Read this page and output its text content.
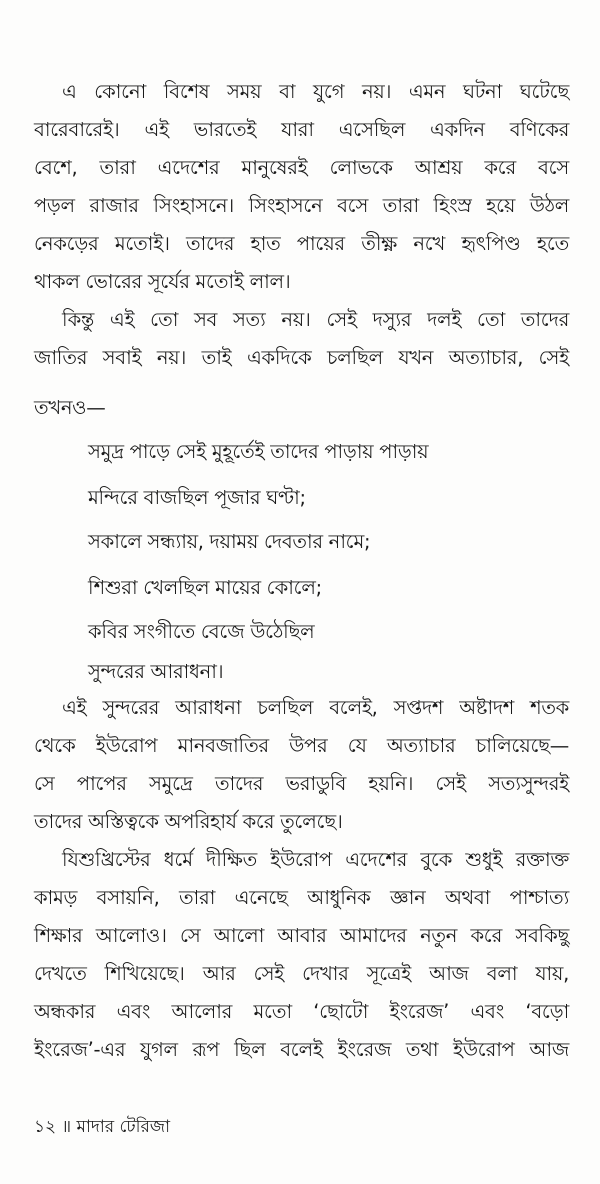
এ কোনো বিশেষ সময় বা যুগে নয়। এমন ঘটনা ঘটেছে
বারেবারেই। এই ভারতেই যারা এসেছিল একদিন বণিকের
বেশে, তারা এদেশের মানুষেরই লোভকে আশ্রয় করে বসে
পড়ল রাজার সিংহাসনে। সিংহাসনে বসে তারা হিংস্র হয়ে উঠল
নেকড়ের মতোই। তাদের হাত পায়ের তীক্ষ্ণ নখে হৃৎপিণ্ড হতে
থাকল ভোরের সূর্যের মতোই লাল।
কিন্তু এই তো সব সত্য নয়। সেই দস্যুর দলই তো তাদের
জাতির সবাই নয়। তাই একদিকে চলছিল যখন অত্যাচার, সেই
তখনও—
সমুদ্র পাড়ে সেই মুহূর্তেই তাদের পাড়ায় পাড়ায়
মন্দিরে বাজছিল পূজার ঘণ্টা;
সকালে সন্ধ্যায়, দয়াময় দেবতার নামে;
শিশুরা খেলছিল মায়ের কোলে;
কবির সংগীতে বেজে উঠেছিল
সুন্দরের আরাধনা।
এই সুন্দরের আরাধনা চলছিল বলেই, সপ্তদশ অষ্টাদশ শতক
থেকে ইউরোপ মানবজাতির উপর যে অত্যাচার চালিয়েছে—
সে পাপের সমুদ্রে তাদের ভরাডুবি হয়নি। সেই সত্যসুন্দরই
তাদের অস্তিত্বকে অপরিহার্য করে তুলেছে।
যিশুখ্রিস্টের ধর্মে দীক্ষিত ইউরোপ এদেশের বুকে শুধুই রক্তাক্ত
কামড় বসায়নি, তারা এনেছে আধুনিক জ্ঞান অথবা পাশ্চাত্য
শিক্ষার আলোও। সে আলো আবার আমাদের নতুন করে সবকিছু
দেখতে শিখিয়েছে। আর সেই দেখার সূত্রেই আজ বলা যায়,
অন্ধকার এবং আলোর মতো ‘ছোটো ইংরেজ’ এবং ‘বড়ো
ইংরেজ’-এর যুগল রূপ ছিল বলেই ইংরেজ তথা ইউরোপ আজ
১২ ॥ মাদার টেরিজা
